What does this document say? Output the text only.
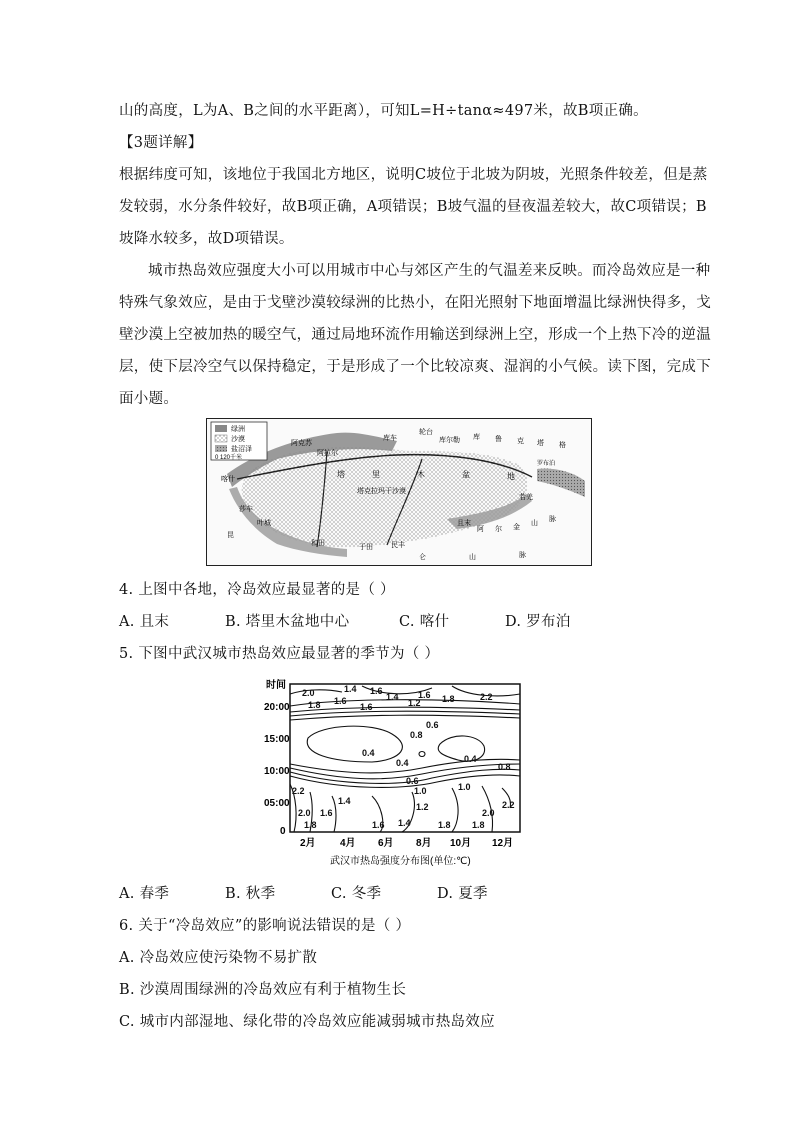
山的高度，L为A、B之间的水平距离），可知L=H÷tanα≈497米，故B项正确。
【3题详解】
根据纬度可知，该地位于我国北方地区，说明C坡位于北坡为阴坡，光照条件较差，但是蒸
发较弱，水分条件较好，故B项正确，A项错误；B坡气温的昼夜温差较大，故C项错误；B
坡降水较多，故D项错误。
城市热岛效应强度大小可以用城市中心与郊区产生的气温差来反映。而冷岛效应是一种
特殊气象效应，是由于戈壁沙漠较绿洲的比热小，在阳光照射下地面增温比绿洲快得多，戈
壁沙漠上空被加热的暖空气，通过局地环流作用输送到绿洲上空，形成一个上热下冷的逆温
层，使下层冷空气以保持稳定，于是形成了一个比较凉爽、湿润的小气候。读下图，完成下
面小题。
绿洲
沙漠
盐沼泽
0 120千米
阿克苏
阿拉尔
库车
轮台
库尔勒 库 鲁 克 塔 格
喀什
塔	里	木	盆	地
塔克拉玛干沙漠
罗布泊
若羌
且末
和田
于田	民丰
莎车
叶城
阿 尔 金
山
脉
昆
仑	山	脉
4. 上图中各地，冷岛效应最显著的是（ ）
A. 且末	B. 塔里木盆地中心	C. 喀什	D. 罗布泊
5. 下图中武汉城市热岛效应最显著的季节为（ ）
时间
20:00
15:00
10:00
05:00
0
2月 4月 6月 8月 10月 12月
2.0	1.4 1.6
1.4 1.6 1.8	2.2
1.8 1.6	1.2
1.6
0.6
0.8
0.4
0.4	0.4
0.8
0.6
1.0
2.2
1.4
1.2
1.0
2.2
2.0 1.6
1.8	1.4
1.6	1.8
2.0
1.8
武汉市热岛强度分布图(单位:℃)
A. 春季	B. 秋季	C. 冬季	D. 夏季
6. 关于“冷岛效应”的影响说法错误的是（ ）
A. 冷岛效应使污染物不易扩散
B. 沙漠周围绿洲的冷岛效应有利于植物生长
C. 城市内部湿地、绿化带的冷岛效应能减弱城市热岛效应
